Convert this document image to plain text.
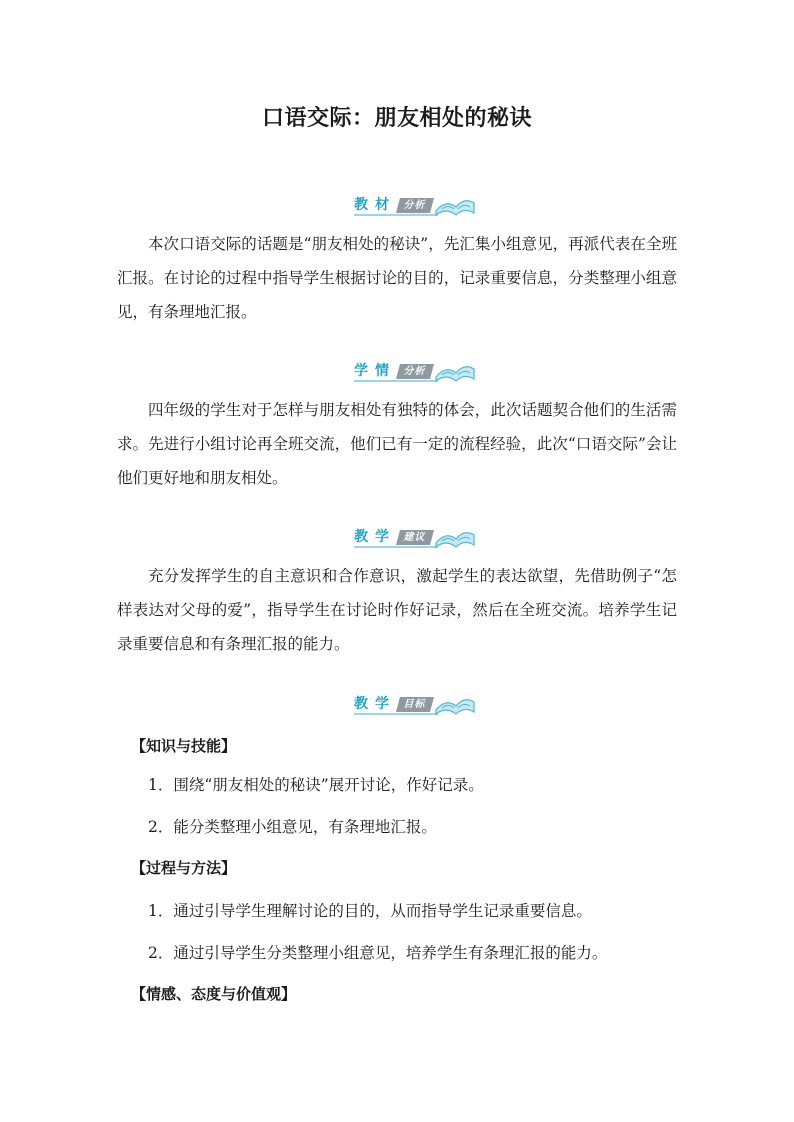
口语交际：朋友相处的秘诀
教材 分析

本次口语交际的话题是“朋友相处的秘诀”，先汇集小组意见，再派代表在全班汇报。在讨论的过程中指导学生根据讨论的目的，记录重要信息，分类整理小组意见，有条理地汇报。

学情 分析

四年级的学生对于怎样与朋友相处有独特的体会，此次话题契合他们的生活需求。先进行小组讨论再全班交流，他们已有一定的流程经验，此次“口语交际”会让他们更好地和朋友相处。

教学 建议

充分发挥学生的自主意识和合作意识，激起学生的表达欲望，先借助例子“怎样表达对父母的爱”，指导学生在讨论时作好记录，然后在全班交流。培养学生记录重要信息和有条理汇报的能力。

教学 目标

【知识与技能】

1．围绕“朋友相处的秘诀”展开讨论，作好记录。

2．能分类整理小组意见，有条理地汇报。

【过程与方法】

1．通过引导学生理解讨论的目的，从而指导学生记录重要信息。

2．通过引导学生分类整理小组意见，培养学生有条理汇报的能力。

【情感、态度与价值观】
